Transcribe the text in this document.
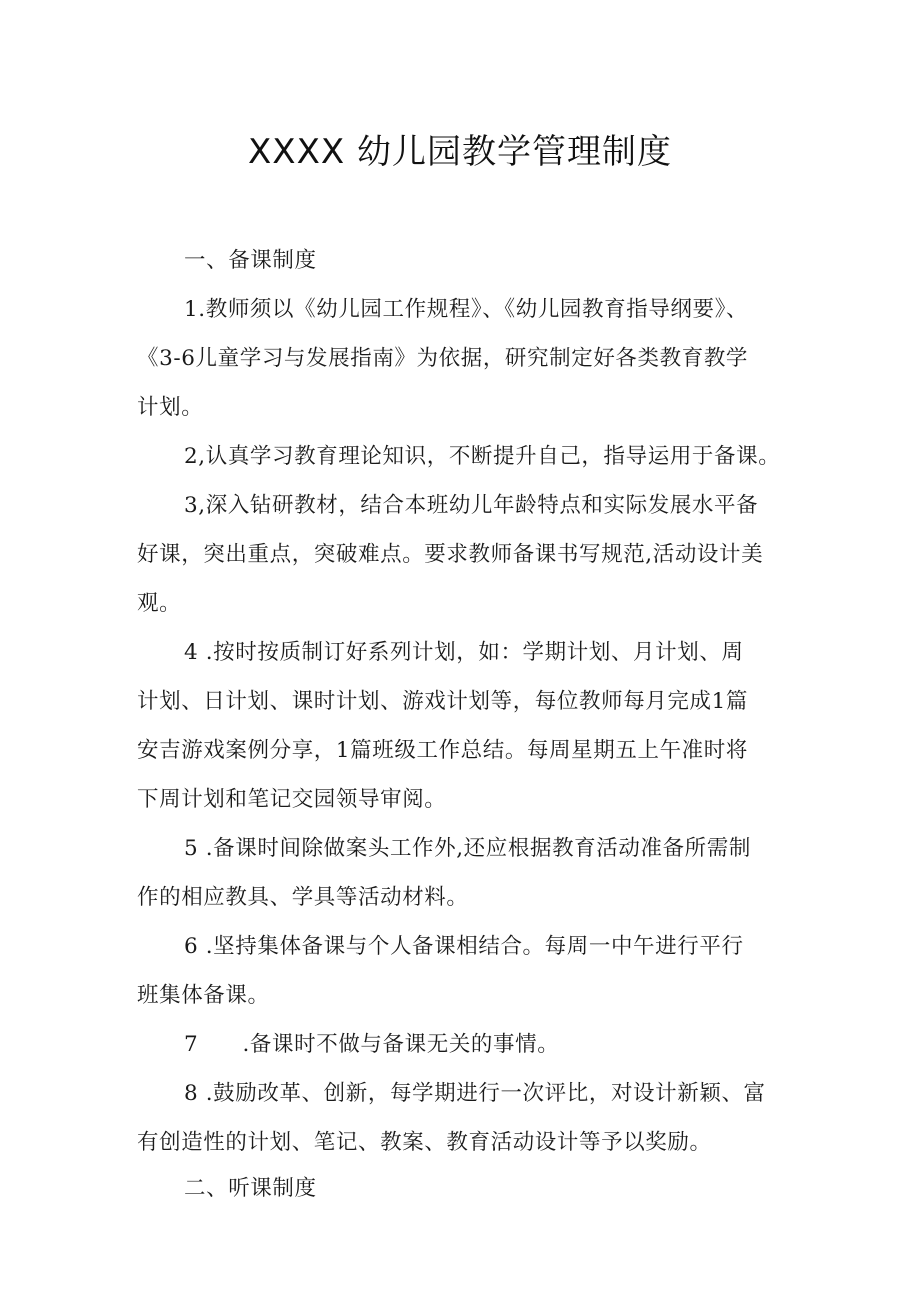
XXXX 幼儿园教学管理制度
一、备课制度
1.教师须以《幼儿园工作规程》、《幼儿园教育指导纲要》、
《3-6儿童学习与发展指南》为依据，研究制定好各类教育教学
计划。
2,认真学习教育理论知识，不断提升自己，指导运用于备课。
3,深入钻研教材，结合本班幼儿年龄特点和实际发展水平备
好课，突出重点，突破难点。要求教师备课书写规范,活动设计美
观。
4 .按时按质制订好系列计划，如：学期计划、月计划、周
计划、日计划、课时计划、游戏计划等，每位教师每月完成1篇
安吉游戏案例分享，1篇班级工作总结。每周星期五上午准时将
下周计划和笔记交园领导审阅。
5 .备课时间除做案头工作外,还应根据教育活动准备所需制
作的相应教具、学具等活动材料。
6 .坚持集体备课与个人备课相结合。每周一中午进行平行
班集体备课。
7　　.备课时不做与备课无关的事情。
8 .鼓励改革、创新，每学期进行一次评比，对设计新颖、富
有创造性的计划、笔记、教案、教育活动设计等予以奖励。
二、听课制度
